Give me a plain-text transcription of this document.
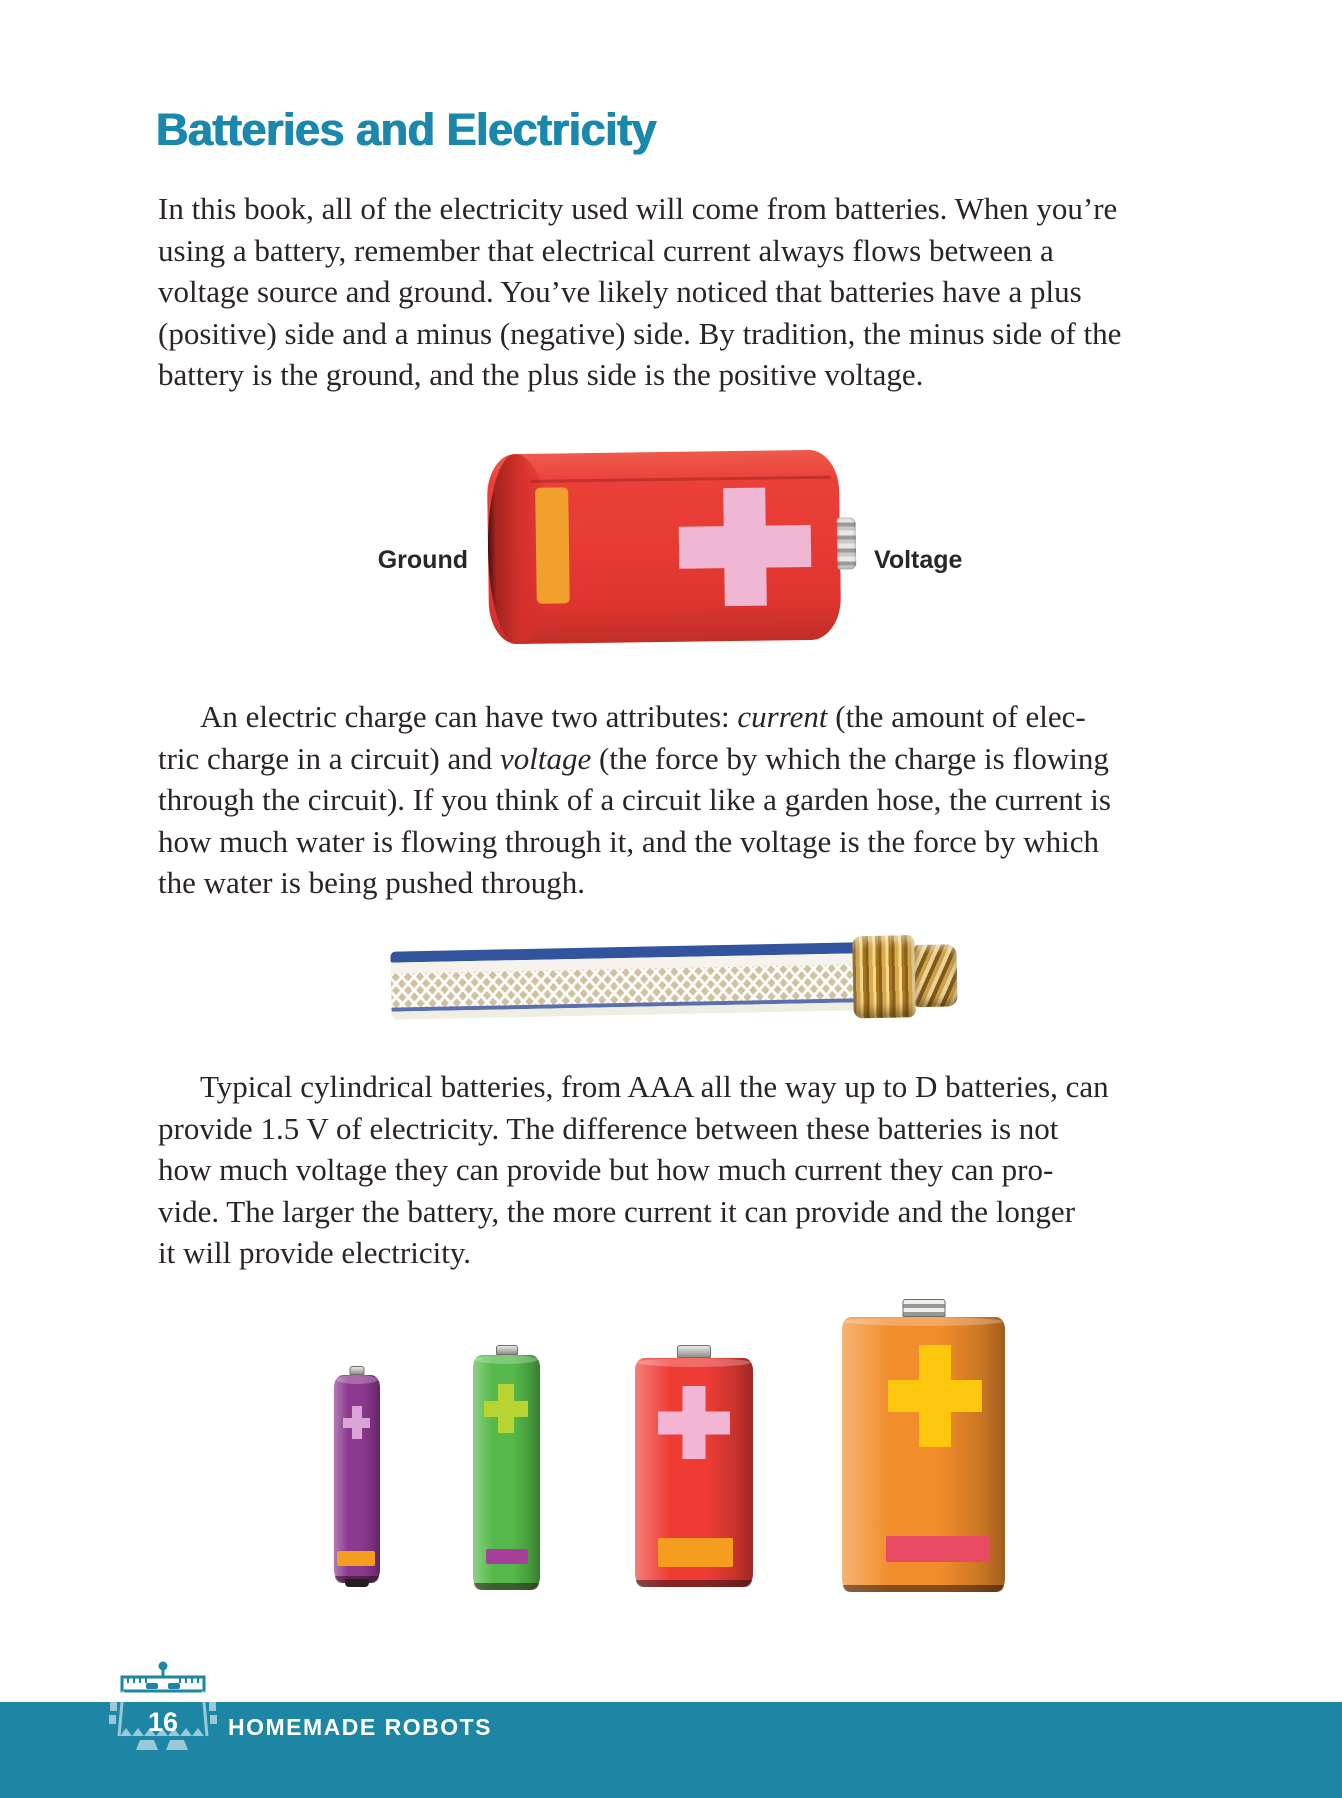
Batteries and Electricity
In this book, all of the electricity used will come from batteries. When you’re
using a battery, remember that electrical current always flows between a
voltage source and ground. You’ve likely noticed that batteries have a plus
(positive) side and a minus (negative) side. By tradition, the minus side of the
battery is the ground, and the plus side is the positive voltage.
Ground	Voltage
An electric charge can have two attributes: current (the amount of elec-
tric charge in a circuit) and voltage (the force by which the charge is flowing
through the circuit). If you think of a circuit like a garden hose, the current is
how much water is flowing through it, and the voltage is the force by which
the water is being pushed through.
Typical cylindrical batteries, from AAA all the way up to D batteries, can
provide 1.5 V of electricity. The difference between these batteries is not
how much voltage they can provide but how much current they can pro-
vide. The larger the battery, the more current it can provide and the longer
it will provide electricity.
16	HOMEMADE ROBOTS
